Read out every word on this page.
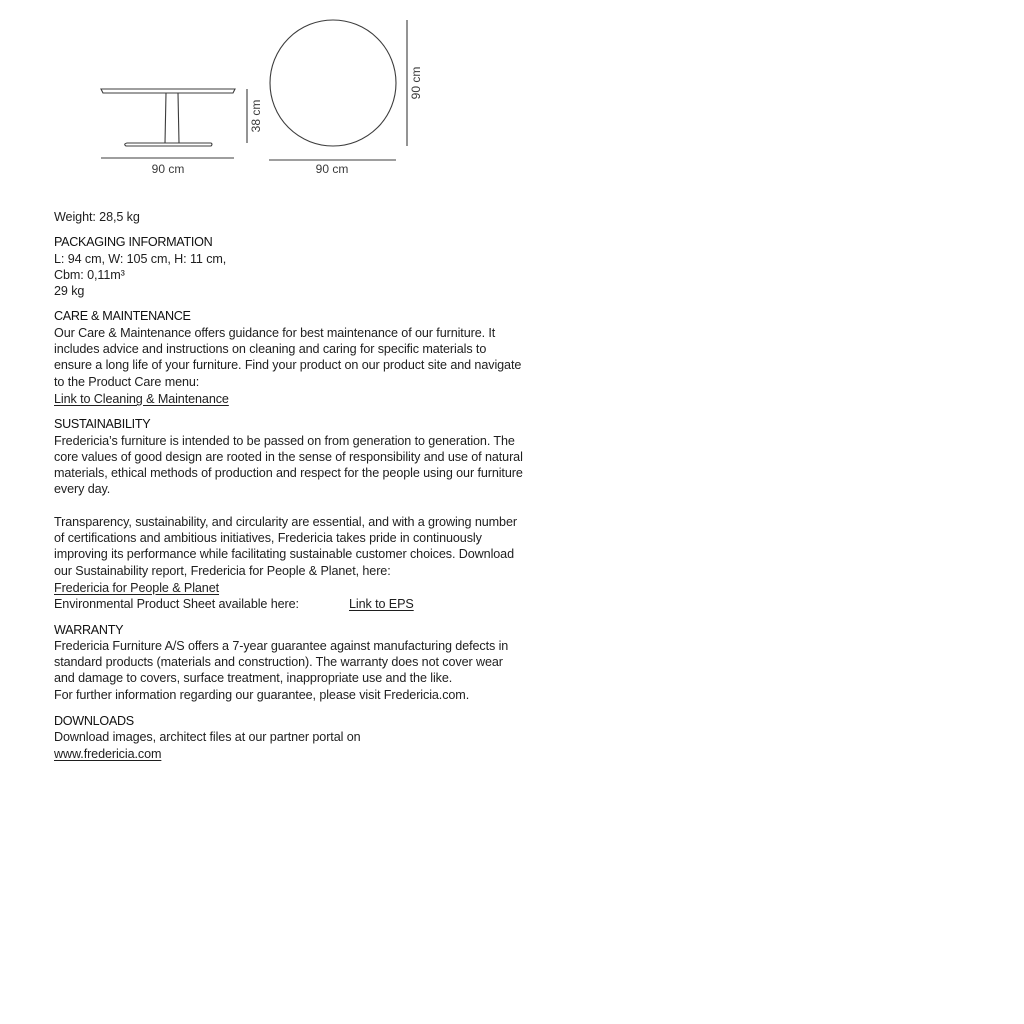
90 cm
38 cm
90 cm
90 cm

Weight: 28,5 kg

PACKAGING INFORMATION

L: 94 cm, W: 105 cm, H: 11 cm,

Cbm: 0,11m³

29 kg

CARE & MAINTENANCE

Our Care & Maintenance offers guidance for best maintenance of our furniture. It includes advice and instructions on cleaning and caring for specific materials to ensure a long life of your furniture. Find your product on our product site and navigate to the Product Care menu:

Link to Cleaning & Maintenance

SUSTAINABILITY

Fredericia’s furniture is intended to be passed on from generation to generation. The core values of good design are rooted in the sense of responsibility and use of natural materials, ethical methods of production and respect for the people using our furniture every day.

Transparency, sustainability, and circularity are essential, and with a growing number of certifications and ambitious initiatives, Fredericia takes pride in continuously improving its performance while facilitating sustainable customer choices. Download our Sustainability report, Fredericia for People & Planet, here:

Fredericia for People & Planet

Environmental Product Sheet available here:	Link to EPS

WARRANTY

Fredericia Furniture A/S offers a 7-year guarantee against manufacturing defects in standard products (materials and construction). The warranty does not cover wear and damage to covers, surface treatment, inappropriate use and the like.

For further information regarding our guarantee, please visit Fredericia.com.

DOWNLOADS

Download images, architect files at our partner portal on

www.fredericia.com
